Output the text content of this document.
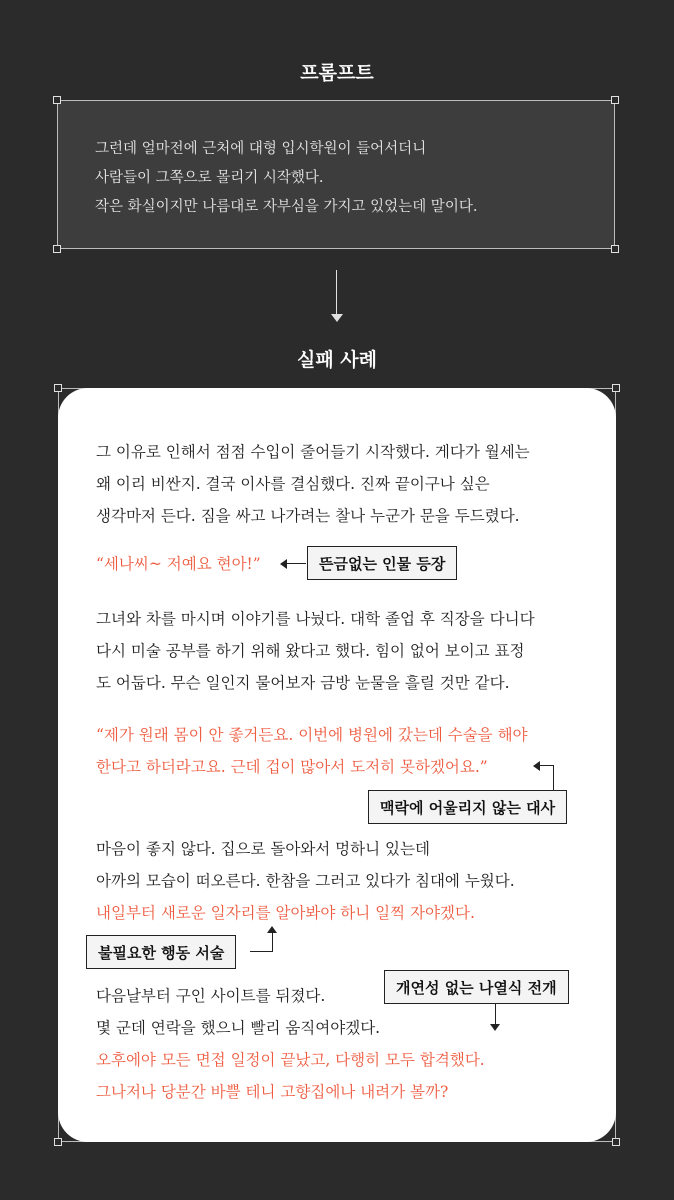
프롬프트
그런데 얼마전에 근처에 대형 입시학원이 들어서더니
사람들이 그쪽으로 몰리기 시작했다.
작은 화실이지만 나름대로 자부심을 가지고 있었는데 말이다.
실패 사례
그 이유로 인해서 점점 수입이 줄어들기 시작했다. 게다가 월세는
왜 이리 비싼지. 결국 이사를 결심했다. 진짜 끝이구나 싶은
생각마저 든다. 짐을 싸고 나가려는 찰나 누군가 문을 두드렸다.
“세나씨~ 저예요 현아!”	뜬금없는 인물 등장
그녀와 차를 마시며 이야기를 나눴다. 대학 졸업 후 직장을 다니다
다시 미술 공부를 하기 위해 왔다고 했다. 힘이 없어 보이고 표정
도 어둡다. 무슨 일인지 물어보자 금방 눈물을 흘릴 것만 같다.
“제가 원래 몸이 안 좋거든요. 이번에 병원에 갔는데 수술을 해야
한다고 하더라고요. 근데 겁이 많아서 도저히 못하겠어요.”
맥락에 어울리지 않는 대사
마음이 좋지 않다. 집으로 돌아와서 멍하니 있는데
아까의 모습이 떠오른다. 한참을 그러고 있다가 침대에 누웠다.
내일부터 새로운 일자리를 알아봐야 하니 일찍 자야겠다.
불필요한 행동 서술
개연성 없는 나열식 전개
다음날부터 구인 사이트를 뒤졌다.
몇 군데 연락을 했으니 빨리 움직여야겠다.
오후에야 모든 면접 일정이 끝났고, 다행히 모두 합격했다.
그나저나 당분간 바쁠 테니 고향집에나 내려가 볼까?
